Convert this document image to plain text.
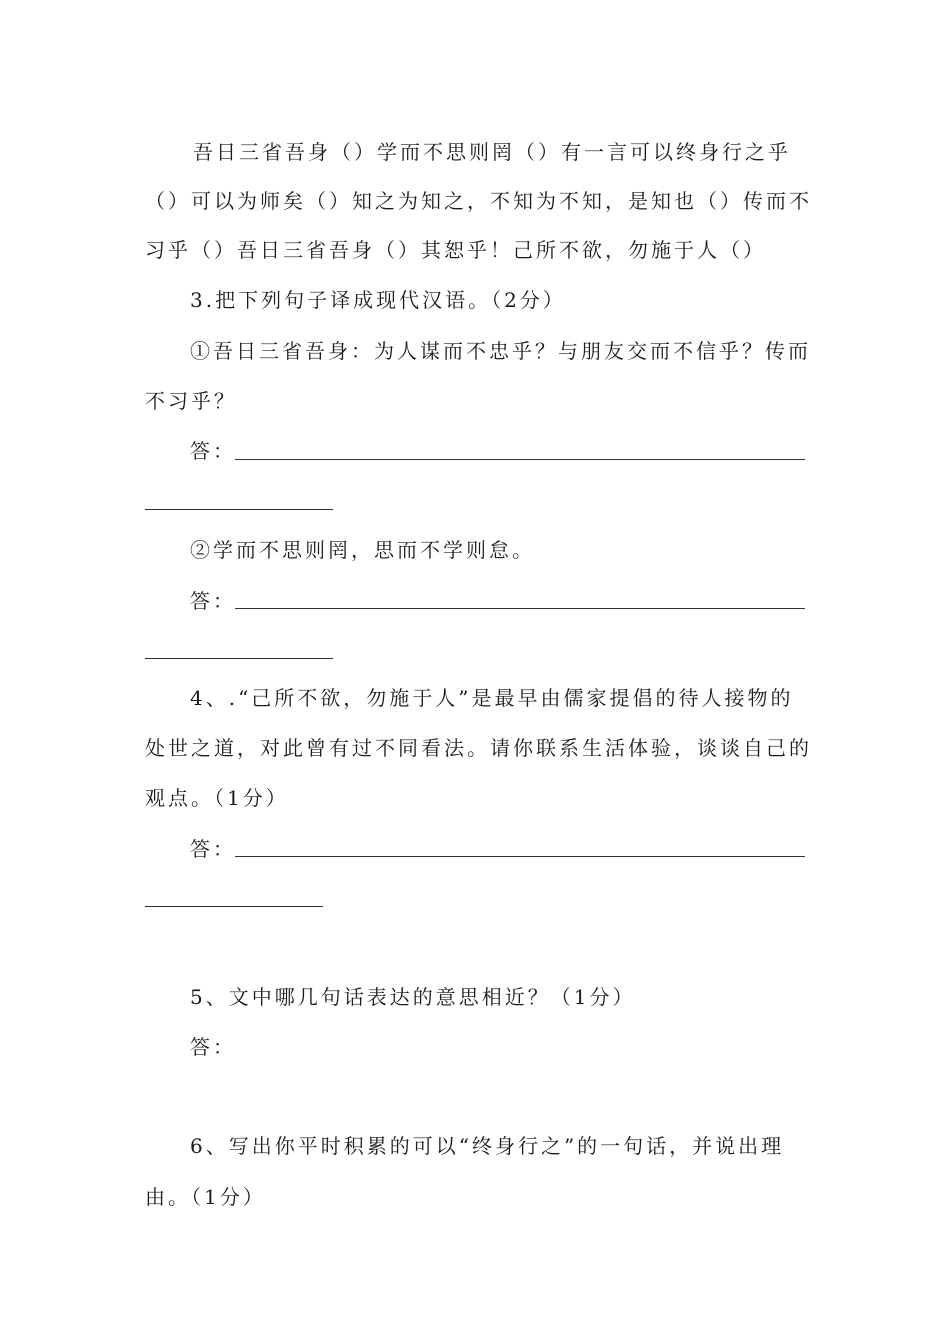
吾日三省吾身（）学而不思则罔（）有一言可以终身行之乎
（）可以为师矣（）知之为知之，不知为不知，是知也（）传而不
习乎（）吾日三省吾身（）其恕乎！己所不欲，勿施于人（）
3.把下列句子译成现代汉语。（2分）
①吾日三省吾身：为人谋而不忠乎？与朋友交而不信乎？传而
不习乎？
答：
②学而不思则罔，思而不学则怠。
答：
4、.“己所不欲，勿施于人”是最早由儒家提倡的待人接物的
处世之道，对此曾有过不同看法。请你联系生活体验，谈谈自己的
观点。（1分）
答：
5、文中哪几句话表达的意思相近？（1分）
答：
6、写出你平时积累的可以“终身行之”的一句话，并说出理
由。（1分）
